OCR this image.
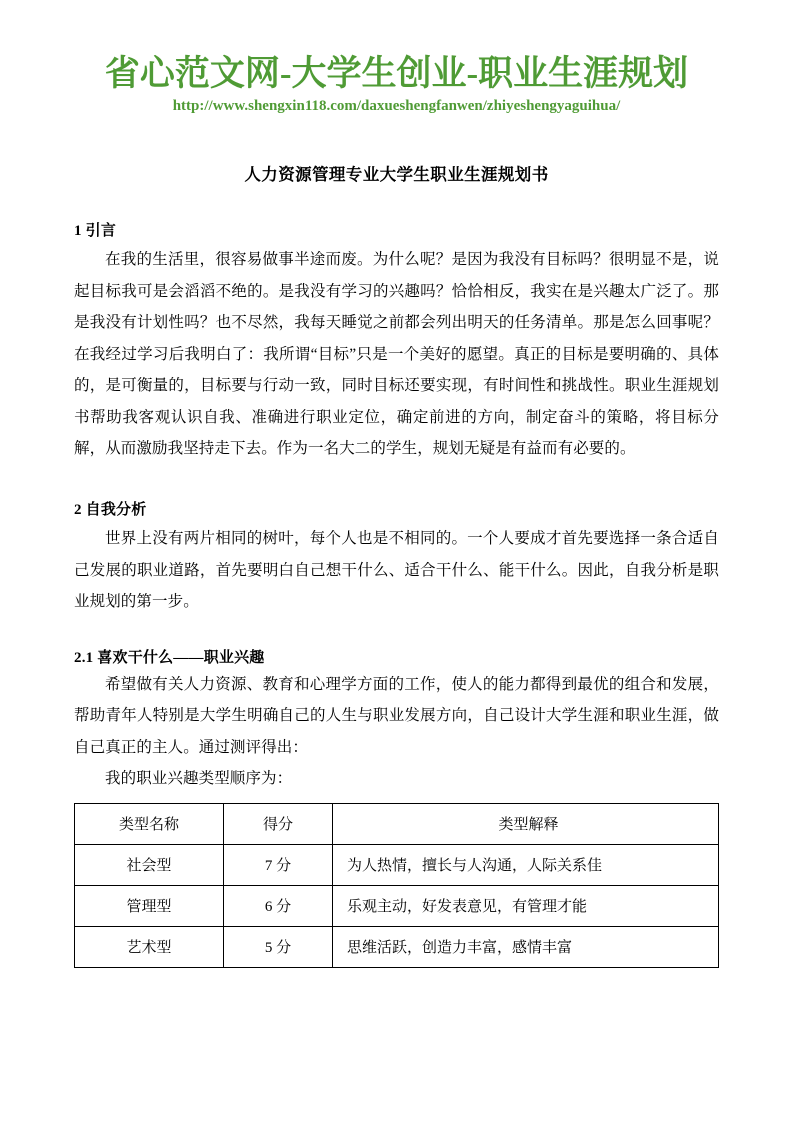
省心范文网-大学生创业-职业生涯规划
http://www.shengxin118.com/daxueshengfanwen/zhiyeshengyaguihua/
人力资源管理专业大学生职业生涯规划书
1 引言

在我的生活里，很容易做事半途而废。为什么呢？是因为我没有目标吗？很明显不是，说起目标我可是会滔滔不绝的。是我没有学习的兴趣吗？恰恰相反，我实在是兴趣太广泛了。那是我没有计划性吗？也不尽然，我每天睡觉之前都会列出明天的任务清单。那是怎么回事呢？在我经过学习后我明白了：我所谓“目标”只是一个美好的愿望。真正的目标是要明确的、具体的，是可衡量的，目标要与行动一致，同时目标还要实现，有时间性和挑战性。职业生涯规划书帮助我客观认识自我、准确进行职业定位，确定前进的方向，制定奋斗的策略，将目标分解，从而激励我坚持走下去。作为一名大二的学生，规划无疑是有益而有必要的。

2 自我分析

世界上没有两片相同的树叶，每个人也是不相同的。一个人要成才首先要选择一条合适自己发展的职业道路，首先要明白自己想干什么、适合干什么、能干什么。因此，自我分析是职业规划的第一步。

2.1 喜欢干什么——职业兴趣

希望做有关人力资源、教育和心理学方面的工作，使人的能力都得到最优的组合和发展，帮助青年人特别是大学生明确自己的人生与职业发展方向，自己设计大学生涯和职业生涯，做自己真正的主人。通过测评得出：

我的职业兴趣类型顺序为：

类型名称	得分	类型解释
社会型	7 分	为人热情，擅长与人沟通，人际关系佳
管理型	6 分	乐观主动，好发表意见，有管理才能
艺术型	5 分	思维活跃，创造力丰富，感情丰富
